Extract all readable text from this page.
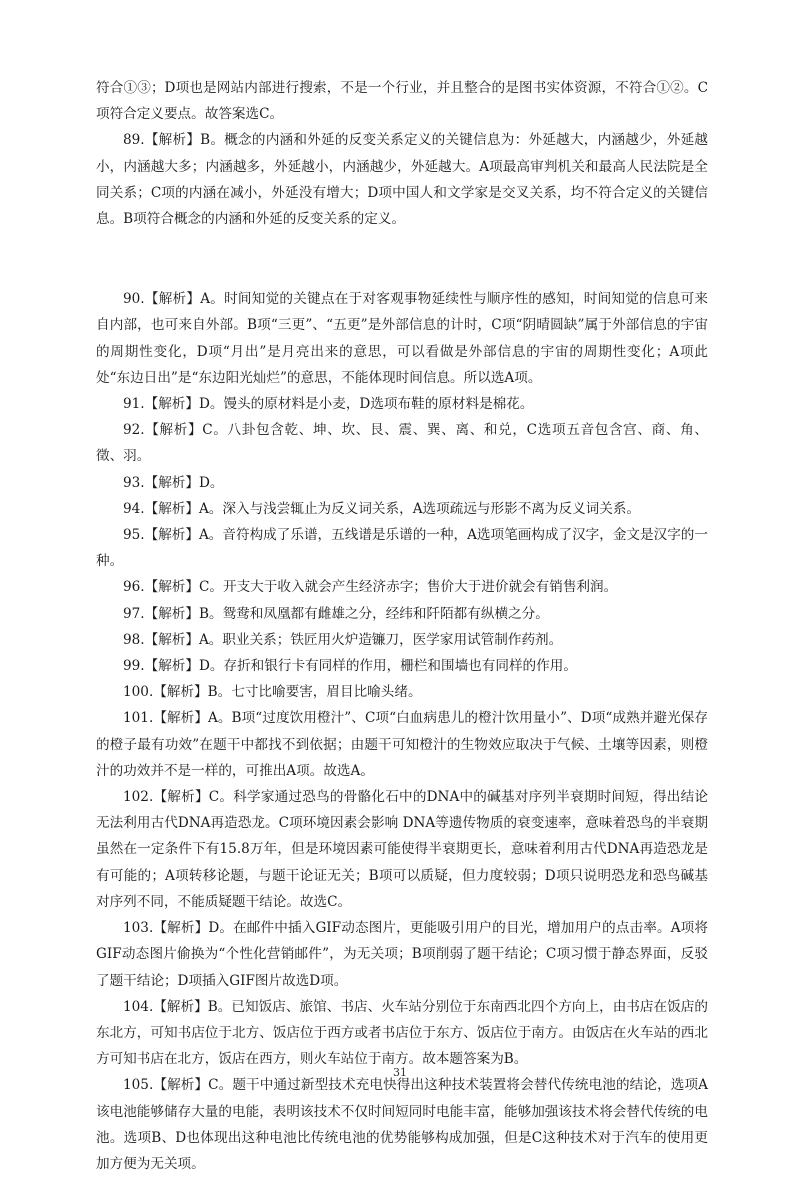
符合①③；D项也是网站内部进行搜索，不是一个行业，并且整合的是图书实体资源，不符合①②。C项符合定义要点。故答案选C。

89.【解析】B。概念的内涵和外延的反变关系定义的关键信息为：外延越大，内涵越少，外延越小，内涵越大多；内涵越多，外延越小，内涵越少，外延越大。A项最高审判机关和最高人民法院是全同关系；C项的内涵在减小，外延没有增大；D项中国人和文学家是交叉关系，均不符合定义的关键信息。B项符合概念的内涵和外延的反变关系的定义。

90.【解析】A。时间知觉的关键点在于对客观事物延续性与顺序性的感知，时间知觉的信息可来自内部，也可来自外部。B项“三更”、“五更”是外部信息的计时，C项“阴晴圆缺”属于外部信息的宇宙的周期性变化，D项“月出”是月亮出来的意思，可以看做是外部信息的宇宙的周期性变化；A项此处“东边日出”是“东边阳光灿烂”的意思，不能体现时间信息。所以选A项。

91.【解析】D。馒头的原材料是小麦，D选项布鞋的原材料是棉花。

92.【解析】C。八卦包含乾、坤、坎、艮、震、巽、离、和兑，C选项五音包含宫、商、角、徵、羽。

93.【解析】D。

94.【解析】A。深入与浅尝辄止为反义词关系，A选项疏远与形影不离为反义词关系。

95.【解析】A。音符构成了乐谱，五线谱是乐谱的一种，A选项笔画构成了汉字，金文是汉字的一种。

96.【解析】C。开支大于收入就会产生经济赤字；售价大于进价就会有销售利润。

97.【解析】B。鸳鸯和凤凰都有雌雄之分，经纬和阡陌都有纵横之分。

98.【解析】A。职业关系；铁匠用火炉造镰刀，医学家用试管制作药剂。

99.【解析】D。存折和银行卡有同样的作用，栅栏和围墙也有同样的作用。

100.【解析】B。七寸比喻要害，眉目比喻头绪。

101.【解析】A。B项“过度饮用橙汁”、C项“白血病患儿的橙汁饮用量小”、D项“成熟并避光保存的橙子最有功效”在题干中都找不到依据；由题干可知橙汁的生物效应取决于气候、土壤等因素，则橙汁的功效并不是一样的，可推出A项。故选A。

102.【解析】C。科学家通过恐鸟的骨骼化石中的DNA中的碱基对序列半衰期时间短，得出结论无法利用古代DNA再造恐龙。C项环境因素会影响 DNA等遗传物质的衰变速率，意味着恐鸟的半衰期虽然在一定条件下有15.8万年，但是环境因素可能使得半衰期更长，意味着利用古代DNA再造恐龙是有可能的；A项转移论题，与题干论证无关；B项可以质疑，但力度较弱；D项只说明恐龙和恐鸟碱基对序列不同，不能质疑题干结论。故选C。

103.【解析】D。在邮件中插入GIF动态图片，更能吸引用户的目光，增加用户的点击率。A项将GIF动态图片偷换为“个性化营销邮件”，为无关项；B项削弱了题干结论；C项习惯于静态界面，反驳了题干结论；D项插入GIF图片故选D项。

104.【解析】B。已知饭店、旅馆、书店、火车站分别位于东南西北四个方向上，由书店在饭店的东北方，可知书店位于北方、饭店位于西方或者书店位于东方、饭店位于南方。由饭店在火车站的西北方可知书店在北方，饭店在西方，则火车站位于南方。故本题答案为B。

105.【解析】C。题干中通过新型技术充电快得出这种技术装置将会替代传统电池的结论，选项A该电池能够储存大量的电能，表明该技术不仅时间短同时电能丰富，能够加强该技术将会替代传统的电池。选项B、D也体现出这种电池比传统电池的优势能够构成加强，但是C这种技术对于汽车的使用更加方便为无关项。

31
